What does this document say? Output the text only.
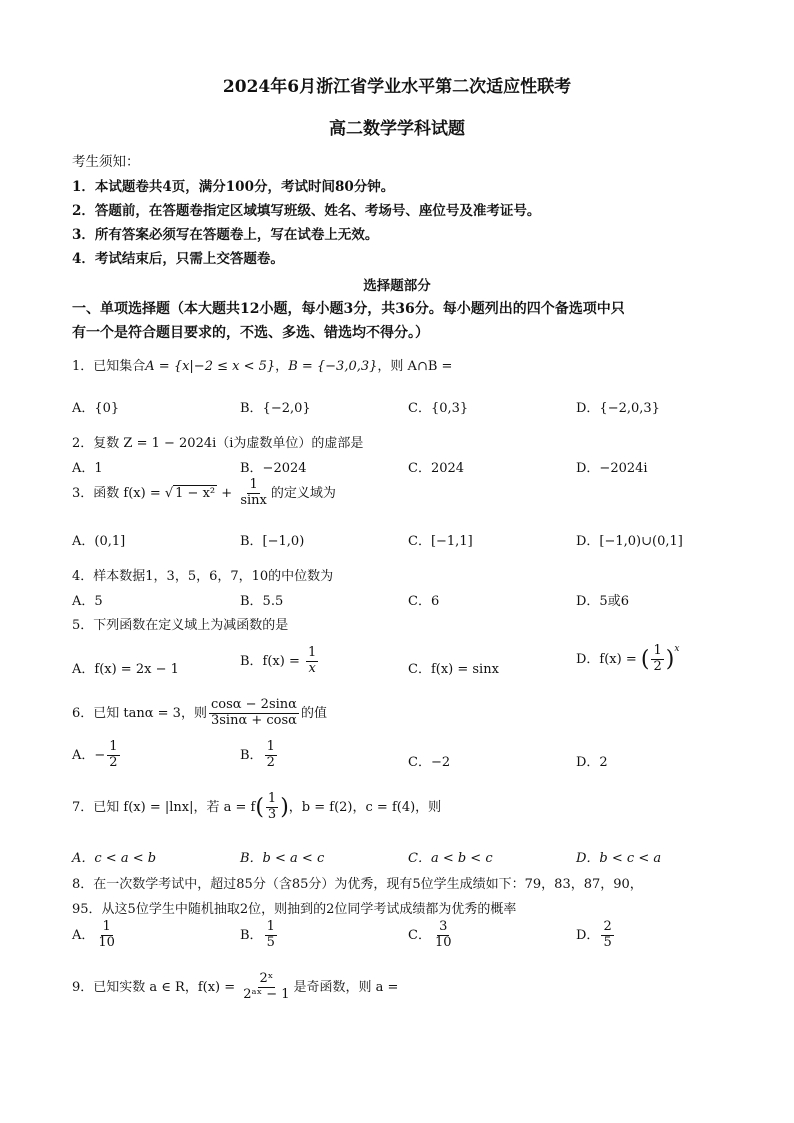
2024年6月浙江省学业水平第二次适应性联考
高二数学学科试题
考生须知：
1．本试题卷共4页，满分100分，考试时间80分钟。
2．答题前，在答题卷指定区域填写班级、姓名、考场号、座位号及准考证号。
3．所有答案必须写在答题卷上，写在试卷上无效。
4．考试结束后，只需上交答题卷。
选择题部分
一、单项选择题（本大题共12小题，每小题3分，共36分。每小题列出的四个备选项中只
有一个是符合题目要求的，不选、多选、错选均不得分。）
1．已知集合A = {x|−2 ≤ x < 5}，B = {−3,0,3}，则 A∩B =
A．{0}	B．{−2,0}	C．{0,3}	D．{−2,0,3}
2．复数 Z = 1 − 2024i（i为虚数单位）的虚部是
A．1	B．−2024	C．2024	D．−2024i
3．函数 f(x) = √ $1 - x^2 + \frac{1}{\sin x}$ 的定义域为
A．(0,1]	B．[−1,0)	C．[−1,1]	D．[−1,0)∪(0,1]
4．样本数据1，3，5，6，7，10的中位数为
A．5	B．5.5	C．6	D．5或6
5．下列函数在定义域上为减函数的是
A．f(x) = 2x − 1
B．$f(x) = \frac{1}{x}$	C．f(x) = sinx
D．f(x) = ( $\frac{1}{2} )^x$
6．已知 tanα = 3，则 $\frac{\cos\alpha - 2\sin\alpha}{3\sin\alpha + \cos\alpha}$ 的值
A．− $\frac{1}{2}$	B． $\frac{1}{2}$	C．−2	D．2
7．已知 f(x) = |lnx|，若 $a = f( \frac{1}{3}$ )，b = f(2)，c = f(4)，则
A．c < a < b	B．b < a < c	C．a < b < c	D．b < c < a
8．在一次数学考试中，超过85分（含85分）为优秀，现有5位学生成绩如下：79，83，87，90，
95．从这5位学生中随机抽取2位，则抽到的2位同学考试成绩都为优秀的概率
A． $\frac{1}{10}$	B． $\frac{1}{5}$	C． $\frac{3}{10}$	D． $\frac{2}{5}$
9．已知实数 a ∈ R，$f(x) = \frac{\text{2ˣ}}{\text{2ᵃˣ − 1}}$ 是奇函数，则 a =
